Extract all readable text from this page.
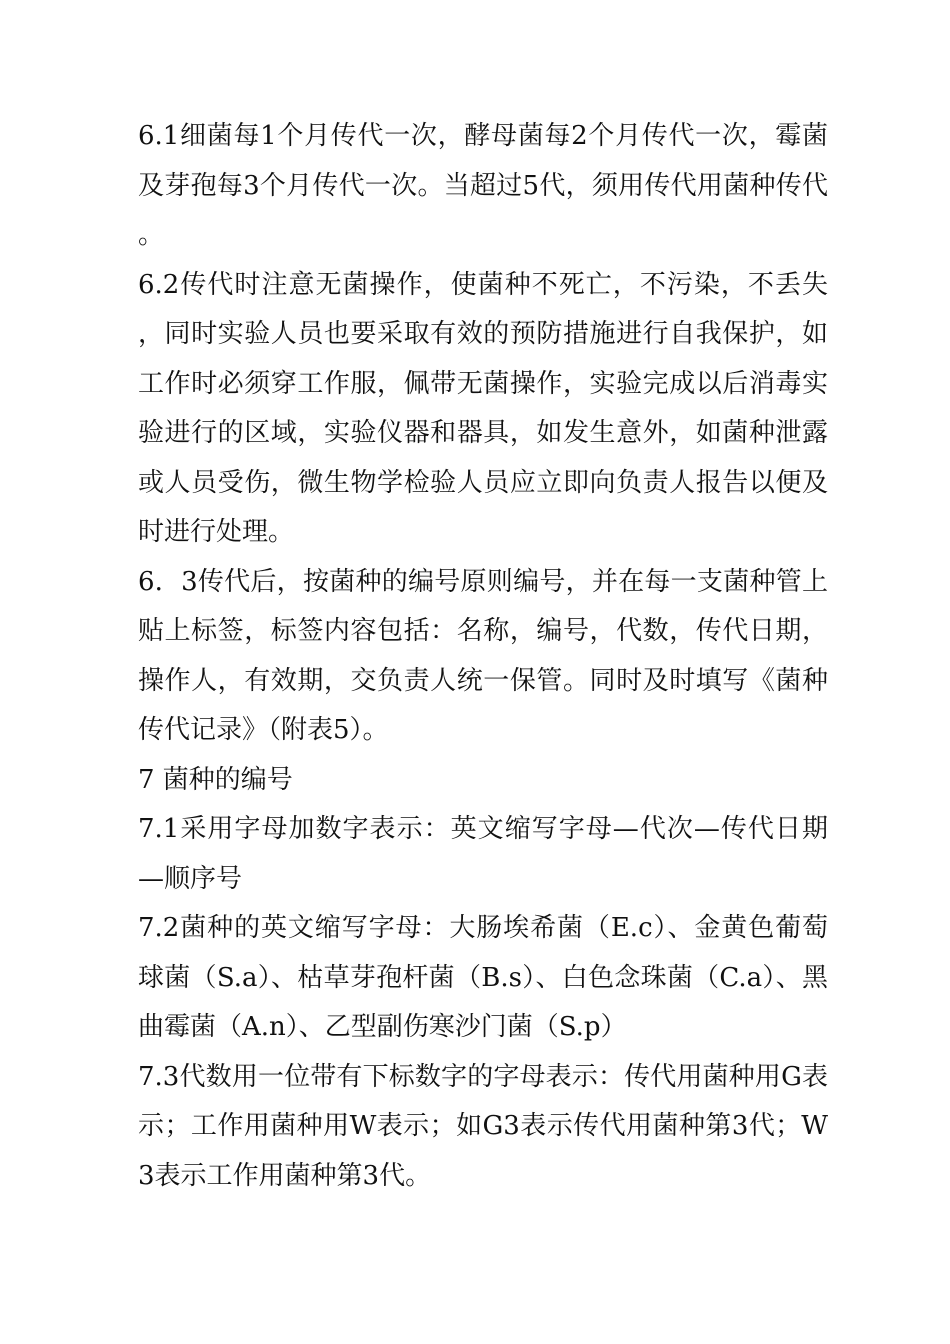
6.1细菌每1个月传代一次，酵母菌每2个月传代一次，霉菌及芽孢每3个月传代一次。当超过5代，须用传代用菌种传代。

6.2传代时注意无菌操作，使菌种不死亡，不污染，不丢失，同时实验人员也要采取有效的预防措施进行自我保护，如工作时必须穿工作服，佩带无菌操作，实验完成以后消毒实验进行的区域，实验仪器和器具，如发生意外，如菌种泄露或人员受伤，微生物学检验人员应立即向负责人报告以便及时进行处理。

6．3传代后，按菌种的编号原则编号，并在每一支菌种管上贴上标签，标签内容包括：名称，编号，代数，传代日期，操作人，有效期，交负责人统一保管。同时及时填写《菌种传代记录》（附表5）。

7 菌种的编号

7.1采用字母加数字表示：英文缩写字母—代次—传代日期—顺序号

7.2菌种的英文缩写字母：大肠埃希菌（E.c）、金黄色葡萄球菌（S.a）、枯草芽孢杆菌（B.s）、白色念珠菌（C.a）、黑曲霉菌（A.n）、乙型副伤寒沙门菌（S.p）

7.3代数用一位带有下标数字的字母表示：传代用菌种用G表示；工作用菌种用W表示；如G3表示传代用菌种第3代；W3表示工作用菌种第3代。
